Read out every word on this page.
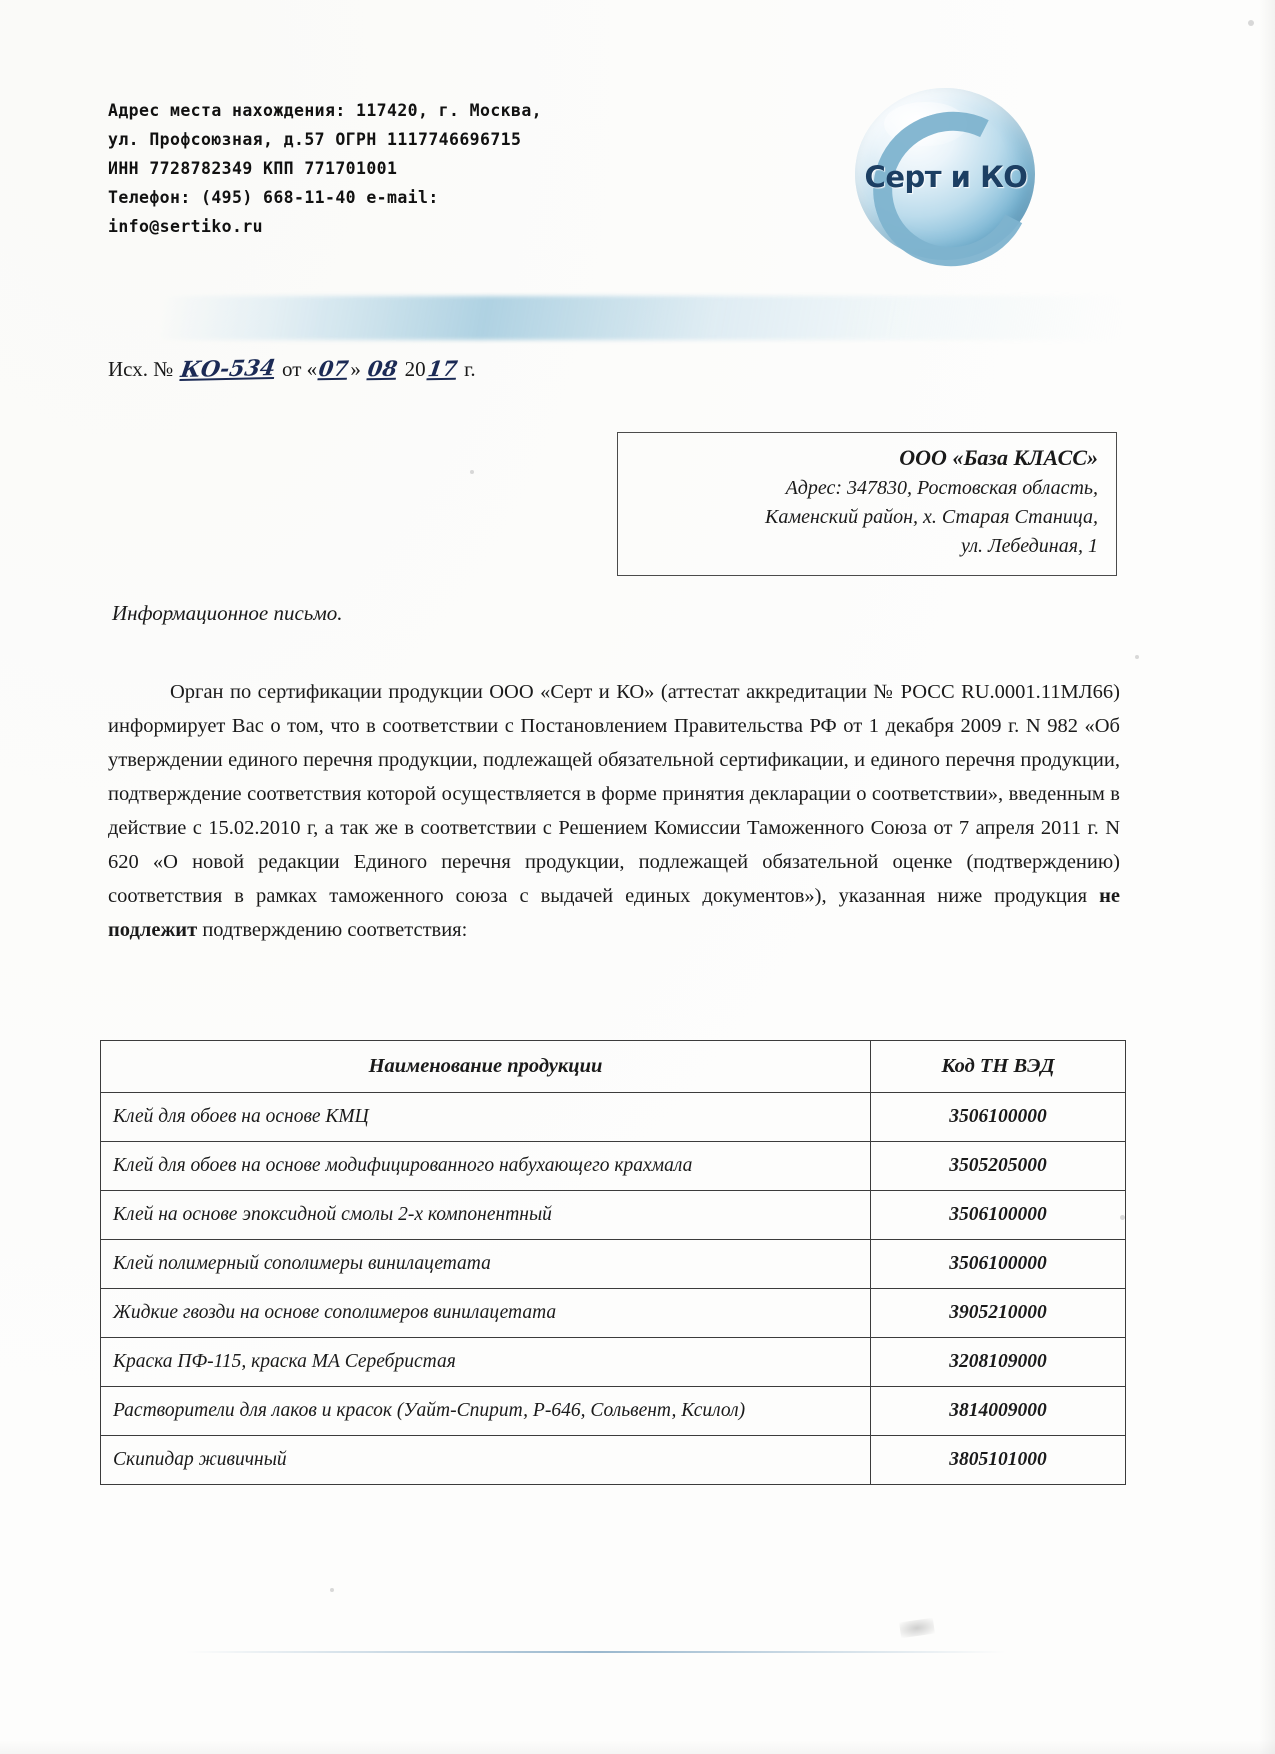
Адрес места нахождения: 117420, г. Москва,
ул. Профсоюзная, д.57 ОГРН 1117746696715
ИНН 7728782349 КПП 771701001
Телефон: (495) 668-11-40 e-mail:
info@sertiko.ru
Серт и КО
Исх. № КО-534 от «07» 08 2017 г.
ООО «База КЛАСС»
Адрес: 347830, Ростовская область,
Каменский район, х. Старая Станица,
ул. Лебединая, 1
Информационное письмо.
Орган по сертификации продукции ООО «Серт и КО» (аттестат аккредитации № РОСС RU.0001.11МЛ66) информирует Вас о том, что в соответствии с Постановлением Правительства РФ от 1 декабря 2009 г. N 982 «Об утверждении единого перечня продукции, подлежащей обязательной сертификации, и единого перечня продукции, подтверждение соответствия которой осуществляется в форме принятия декларации о соответствии», введенным в действие с 15.02.2010 г, а так же в соответствии с Решением Комиссии Таможенного Союза от 7 апреля 2011 г. N 620 «О новой редакции Единого перечня продукции, подлежащей обязательной оценке (подтверждению) соответствия в рамках таможенного союза с выдачей единых документов»), указанная ниже продукция не подлежит подтверждению соответствия:
Наименование продукции	Код ТН ВЭД
Клей для обоев на основе КМЦ	3506100000
Клей для обоев на основе модифицированного набухающего крахмала	3505205000
Клей на основе эпоксидной смолы 2-х компонентный	3506100000
Клей полимерный сополимеры винилацетата	3506100000
Жидкие гвозди на основе сополимеров винилацетата	3905210000
Краска ПФ-115, краска МА Серебристая	3208109000
Растворители для лаков и красок (Уайт-Спирит, Р-646, Сольвент, Ксилол)	3814009000
Скипидар живичный	3805101000
